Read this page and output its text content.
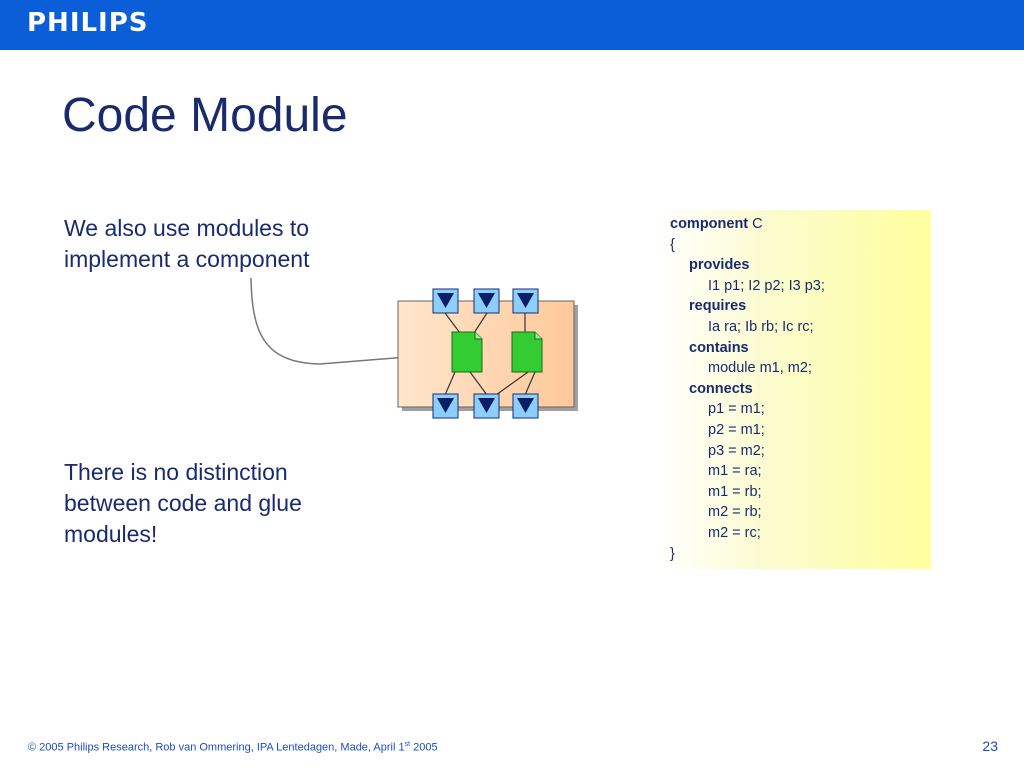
PHILIPS
Code Module
We also use modules to
implement a component
There is no distinction
between code and glue
modules!
component C
{
provides
I1 p1; I2 p2; I3 p3;
requires
Ia ra; Ib rb; Ic rc;
contains
module m1, m2;
connects
p1 = m1;
p2 = m1;
p3 = m2;
m1 = ra;
m1 = rb;
m2 = rb;
m2 = rc;
}
© 2005 Philips Research, Rob van Ommering, IPA Lentedagen, Made, April 1st 2005	23
